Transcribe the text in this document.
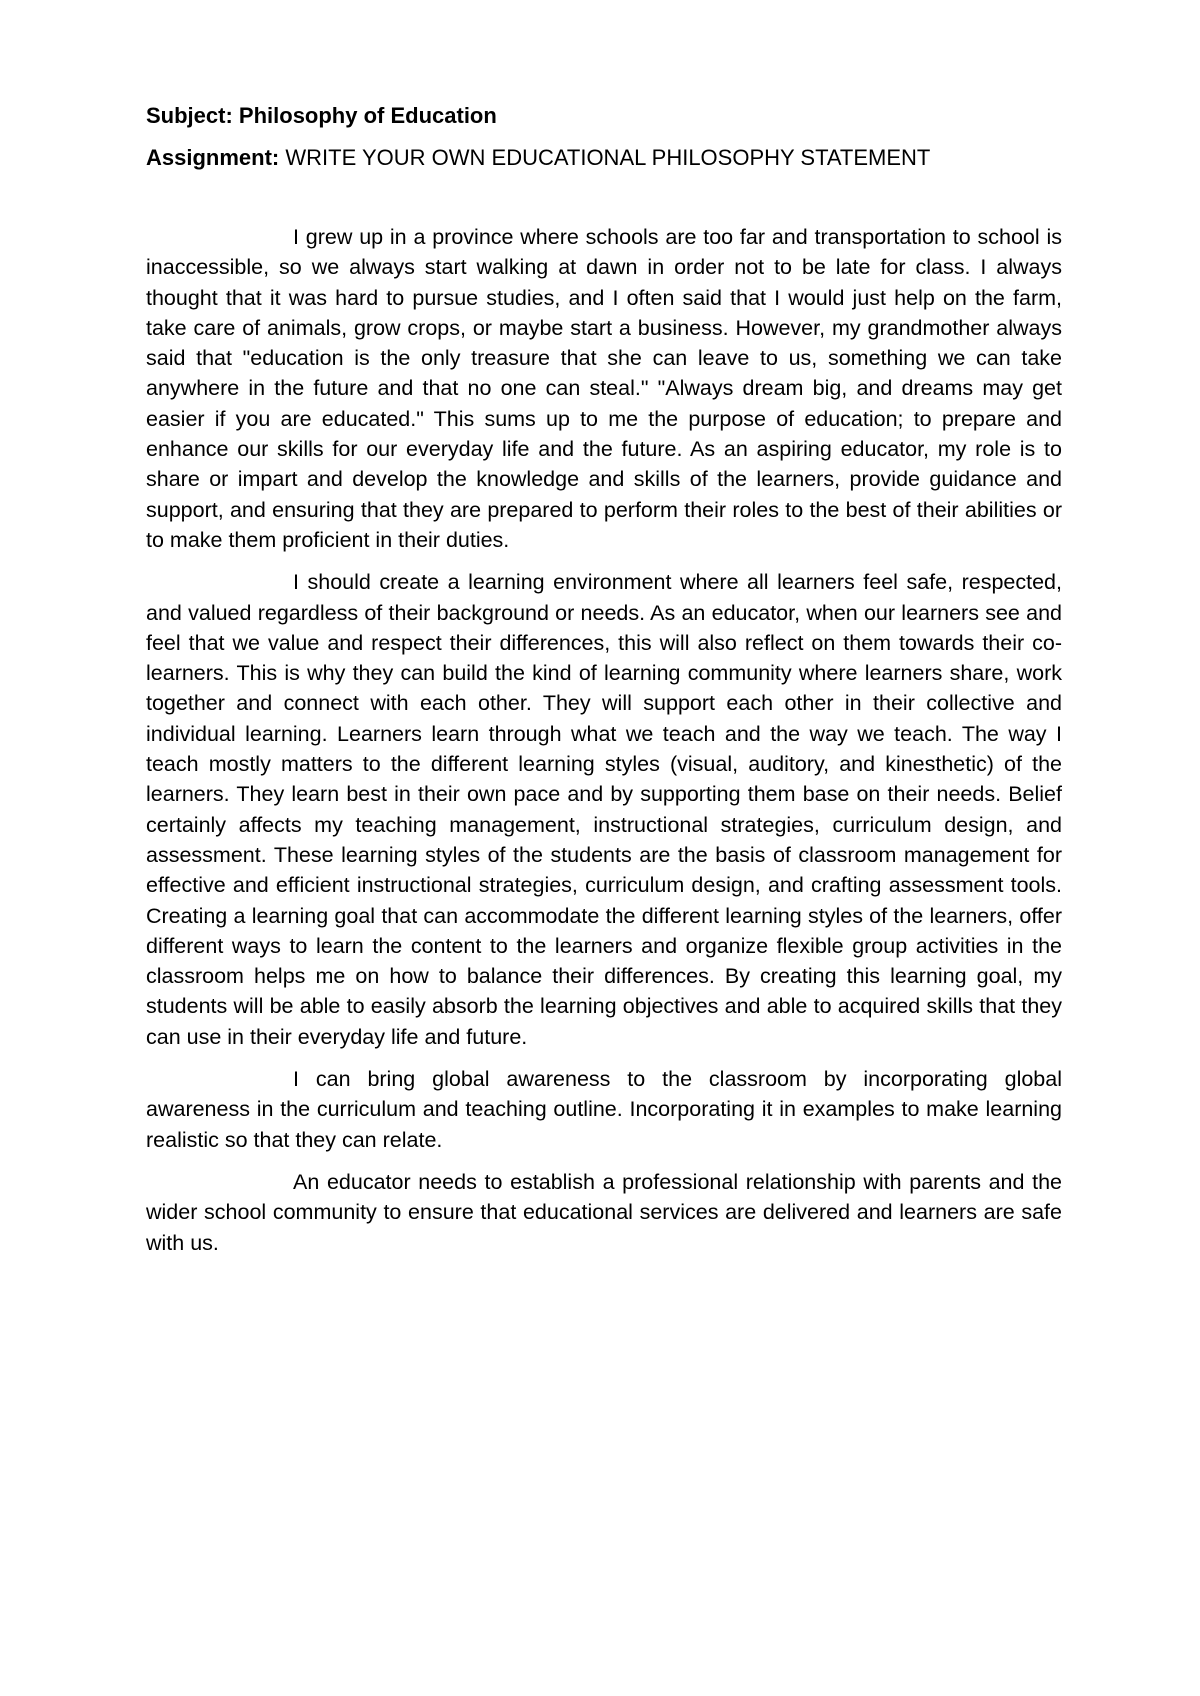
Subject: Philosophy of Education

Assignment: WRITE YOUR OWN EDUCATIONAL PHILOSOPHY STATEMENT

I grew up in a province where schools are too far and transportation to school is inaccessible, so we always start walking at dawn in order not to be late for class. I always thought that it was hard to pursue studies, and I often said that I would just help on the farm, take care of animals, grow crops, or maybe start a business. However, my grandmother always said that "education is the only treasure that she can leave to us, something we can take anywhere in the future and that no one can steal." "Always dream big, and dreams may get easier if you are educated." This sums up to me the purpose of education; to prepare and enhance our skills for our everyday life and the future. As an aspiring educator, my role is to share or impart and develop the knowledge and skills of the learners, provide guidance and support, and ensuring that they are prepared to perform their roles to the best of their abilities or to make them proficient in their duties.

I should create a learning environment where all learners feel safe, respected, and valued regardless of their background or needs. As an educator, when our learners see and feel that we value and respect their differences, this will also reflect on them towards their co-learners. This is why they can build the kind of learning community where learners share, work together and connect with each other. They will support each other in their collective and individual learning. Learners learn through what we teach and the way we teach. The way I teach mostly matters to the different learning styles (visual, auditory, and kinesthetic) of the learners. They learn best in their own pace and by supporting them base on their needs. Belief certainly affects my teaching management, instructional strategies, curriculum design, and assessment. These learning styles of the students are the basis of classroom management for effective and efficient instructional strategies, curriculum design, and crafting assessment tools. Creating a learning goal that can accommodate the different learning styles of the learners, offer different ways to learn the content to the learners and organize flexible group activities in the classroom helps me on how to balance their differences. By creating this learning goal, my students will be able to easily absorb the learning objectives and able to acquired skills that they can use in their everyday life and future.

I can bring global awareness to the classroom by incorporating global awareness in the curriculum and teaching outline. Incorporating it in examples to make learning realistic so that they can relate.

An educator needs to establish a professional relationship with parents and the wider school community to ensure that educational services are delivered and learners are safe with us.
